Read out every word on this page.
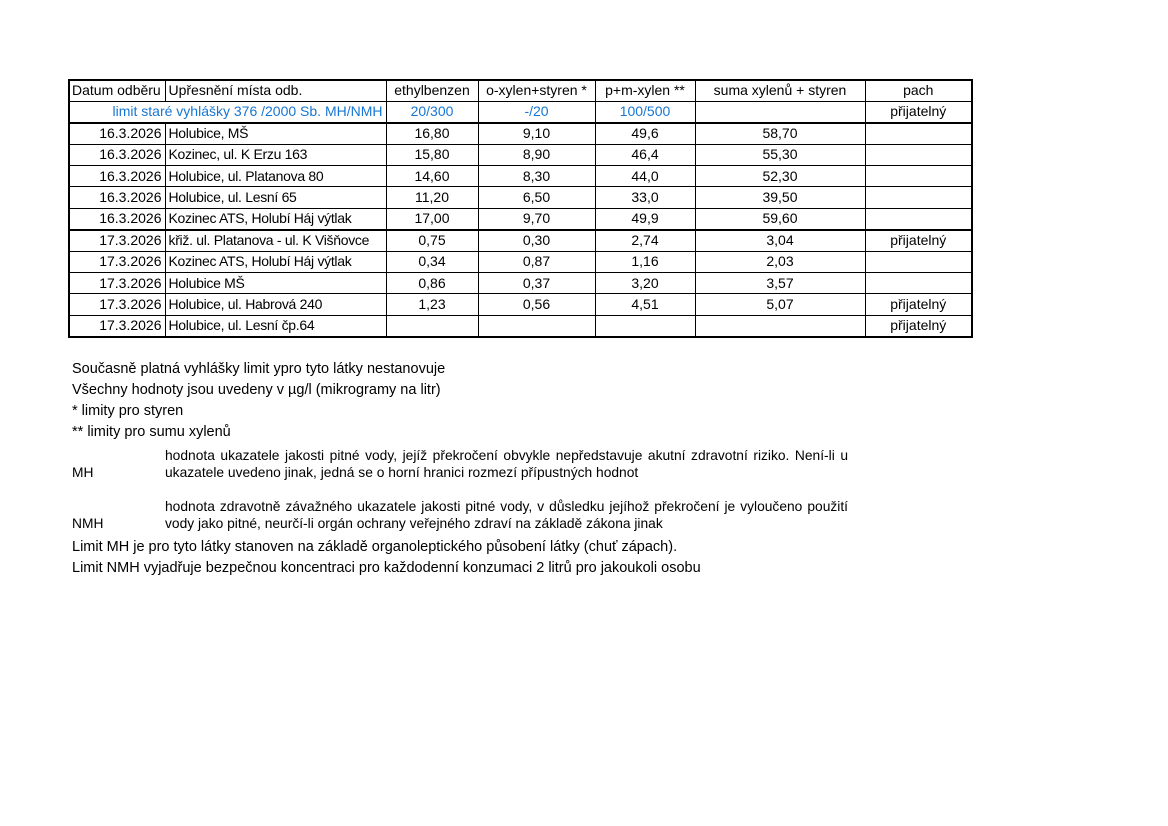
Datum odběru	Upřesnění místa odb.	ethylbenzen	o-xylen+styren *	p+m-xylen **	suma xylenů + styren	pach
limit staré vyhlášky 376 /2000 Sb. MH/NMH		20/300	-/20	100/500		přijatelný
16.3.2026	Holubice, MŠ	16,80	9,10	49,6	58,70	
16.3.2026	Kozinec, ul. K Erzu 163	15,80	8,90	46,4	55,30	
16.3.2026	Holubice, ul. Platanova 80	14,60	8,30	44,0	52,30	
16.3.2026	Holubice, ul. Lesní 65	11,20	6,50	33,0	39,50	
16.3.2026	Kozinec ATS, Holubí Háj výtlak	17,00	9,70	49,9	59,60	
17.3.2026	křiž. ul. Platanova - ul. K Višňovce	0,75	0,30	2,74	3,04	přijatelný
17.3.2026	Kozinec ATS, Holubí Háj výtlak	0,34	0,87	1,16	2,03	
17.3.2026	Holubice MŠ	0,86	0,37	3,20	3,57	
17.3.2026	Holubice, ul. Habrová 240	1,23	0,56	4,51	5,07	přijatelný
17.3.2026	Holubice, ul. Lesní čp.64					přijatelný
Současně platná vyhlášky limit ypro tyto látky nestanovuje
Všechny hodnoty jsou uvedeny v µg/l (mikrogramy na litr)
* limity pro styren
** limity pro sumu xylenů
MH
hodnota ukazatele jakosti pitné vody, jejíž překročení obvykle nepředstavuje akutní zdravotní riziko. Není-li u ukazatele uvedeno jinak, jedná se o horní hranici rozmezí přípustných hodnot
NMH
hodnota zdravotně závažného ukazatele jakosti pitné vody, v důsledku jejíhož překročení je vyloučeno použití vody jako pitné, neurčí-li orgán ochrany veřejného zdraví na základě zákona jinak
Limit MH je pro tyto látky stanoven na základě organoleptického působení látky (chuť zápach).
Limit NMH vyjadřuje bezpečnou koncentraci pro každodenní konzumaci 2 litrů pro jakoukoli osobu
